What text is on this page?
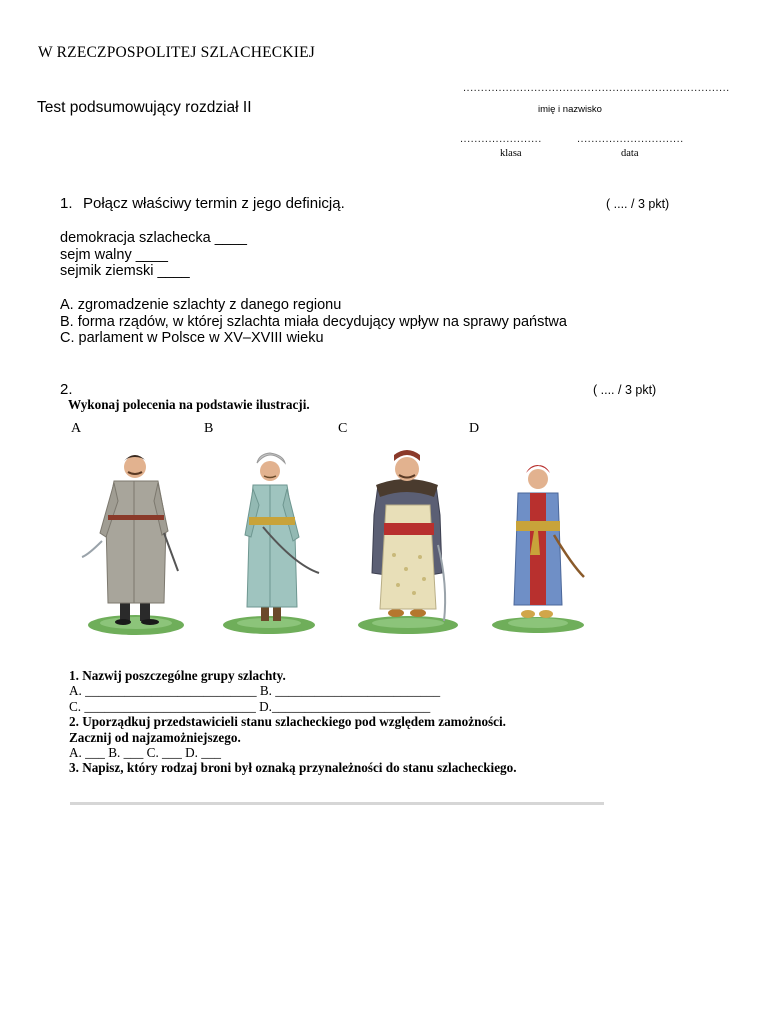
W RZECZPOSPOLITEJ SZLACHECKIEJ
Test podsumowujący rozdział II
...........................................................................
imię i nazwisko
.......................	..............................
klasa	data
1. Połącz właściwy termin z jego definicją.	( .... / 3 pkt)
demokracja szlachecka ____
sejm walny ____
sejmik ziemski ____
A. zgromadzenie szlachty z danego regionu
B. forma rządów, w której szlachta miała decydujący wpływ na sprawy państwa
C. parlament w Polsce w XV–XVIII wieku
2.	( .... / 3 pkt)
Wykonaj polecenia na podstawie ilustracji.
A	B	C	D
1. Nazwij poszczególne grupy szlachty.
A. __________________________ B. _________________________
C. __________________________ D.________________________
2. Uporządkuj przedstawicieli stanu szlacheckiego pod względem zamożności.
Zacznij od najzamożniejszego.
A. ___ B. ___ C. ___ D. ___
3. Napisz, który rodzaj broni był oznaką przynależności do stanu szlacheckiego.
